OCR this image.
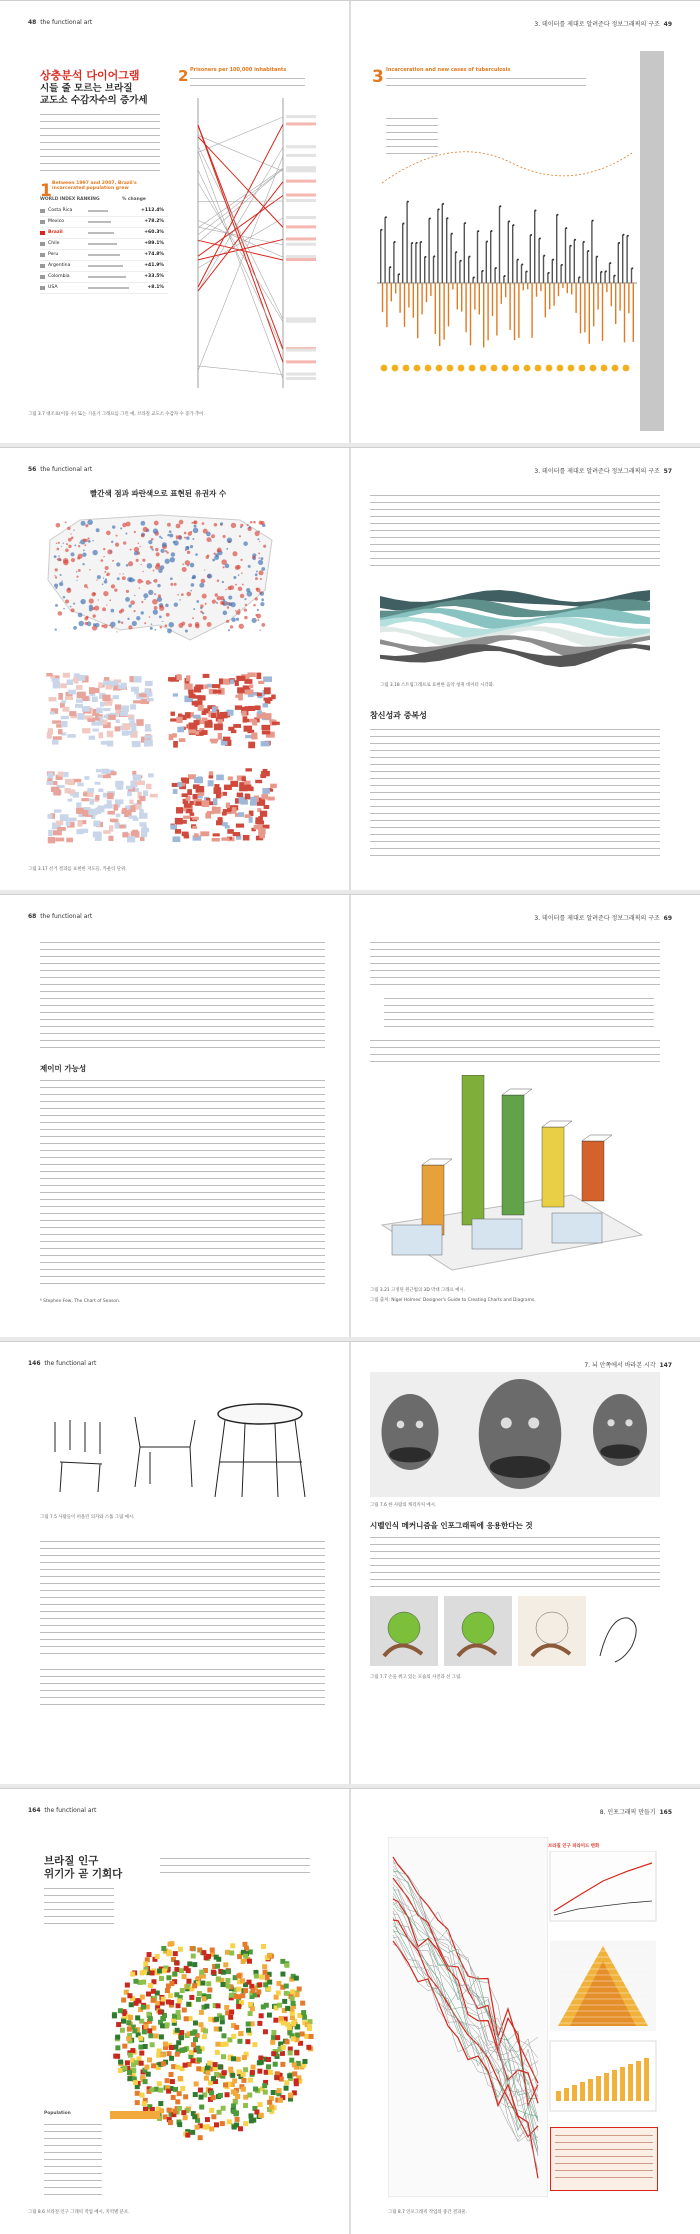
48 the functional art	3. 데이터를 제대로 알려준다 정보그래픽의 구조 49
상충분석 다이어그램
시들 줄 모르는 브라질
교도소 수감자수의 증가세
1 Between 1997 and 2007, Brazil's incarcerated population grew
WORLD INDEX RANKING	% change
Costa Rica	+112.4%
Mexico	+78.2%
Brazil	+60.3%
Chile	+89.1%
Peru	+74.8%
Argentina	+41.9%
Colombia	+33.5%
USA	+8.1%
2 Prisoners per 100,000 inhabitants
그림 3.7 대조표(이동 수) 또는 기울기 그래프를 그린 예, 브라질 교도소 수감자 수 증가 추이.
3 Incarceration and new cases of tuberculosis
56 the functional art	3. 데이터를 제대로 알려준다 정보그래픽의 구조 57
빨간색 점과 파란색으로 표현된 유권자 수
그림 3.17 선거 결과를 표현한 지도들, 카운티 단위.
그림 3.18 스트림그래프로 표현한 음악 청취 데이터 시각화.
참신성과 중복성
68 the functional art	3. 데이터를 제대로 알려준다 정보그래픽의 구조 69
제이미 가능성
⁶ Stephen Few, The Chart of Season.
그림 3.21 고정된 원근법의 3D 막대 그래프 예시.
그림 출처: Nigel Holmes' Designer's Guide to Creating Charts and Diagrams.
146 the functional art	7. 뇌 안쪽에서 바라본 시각 147
그림 7.5 사람들이 떠올린 의자와 스툴 그림 예시.
그림 7.6 한 사람의 캐리커처 예시.
시벨인식 메커니즘을 인포그래픽에 응용한다는 것
그림 7.7 손을 쥐고 있는 모습의 사진과 선 그림.
164 the functional art	8. 인포그래픽 만들기 165
브라질 인구
위기가 곧 기회다
Population
그림 8.6 브라질 인구 그래픽 작업 예시, 지역별 분포.
브라질 인구 피라미드 변화
그림 8.7 인포그래픽 작업의 중간 결과물.
